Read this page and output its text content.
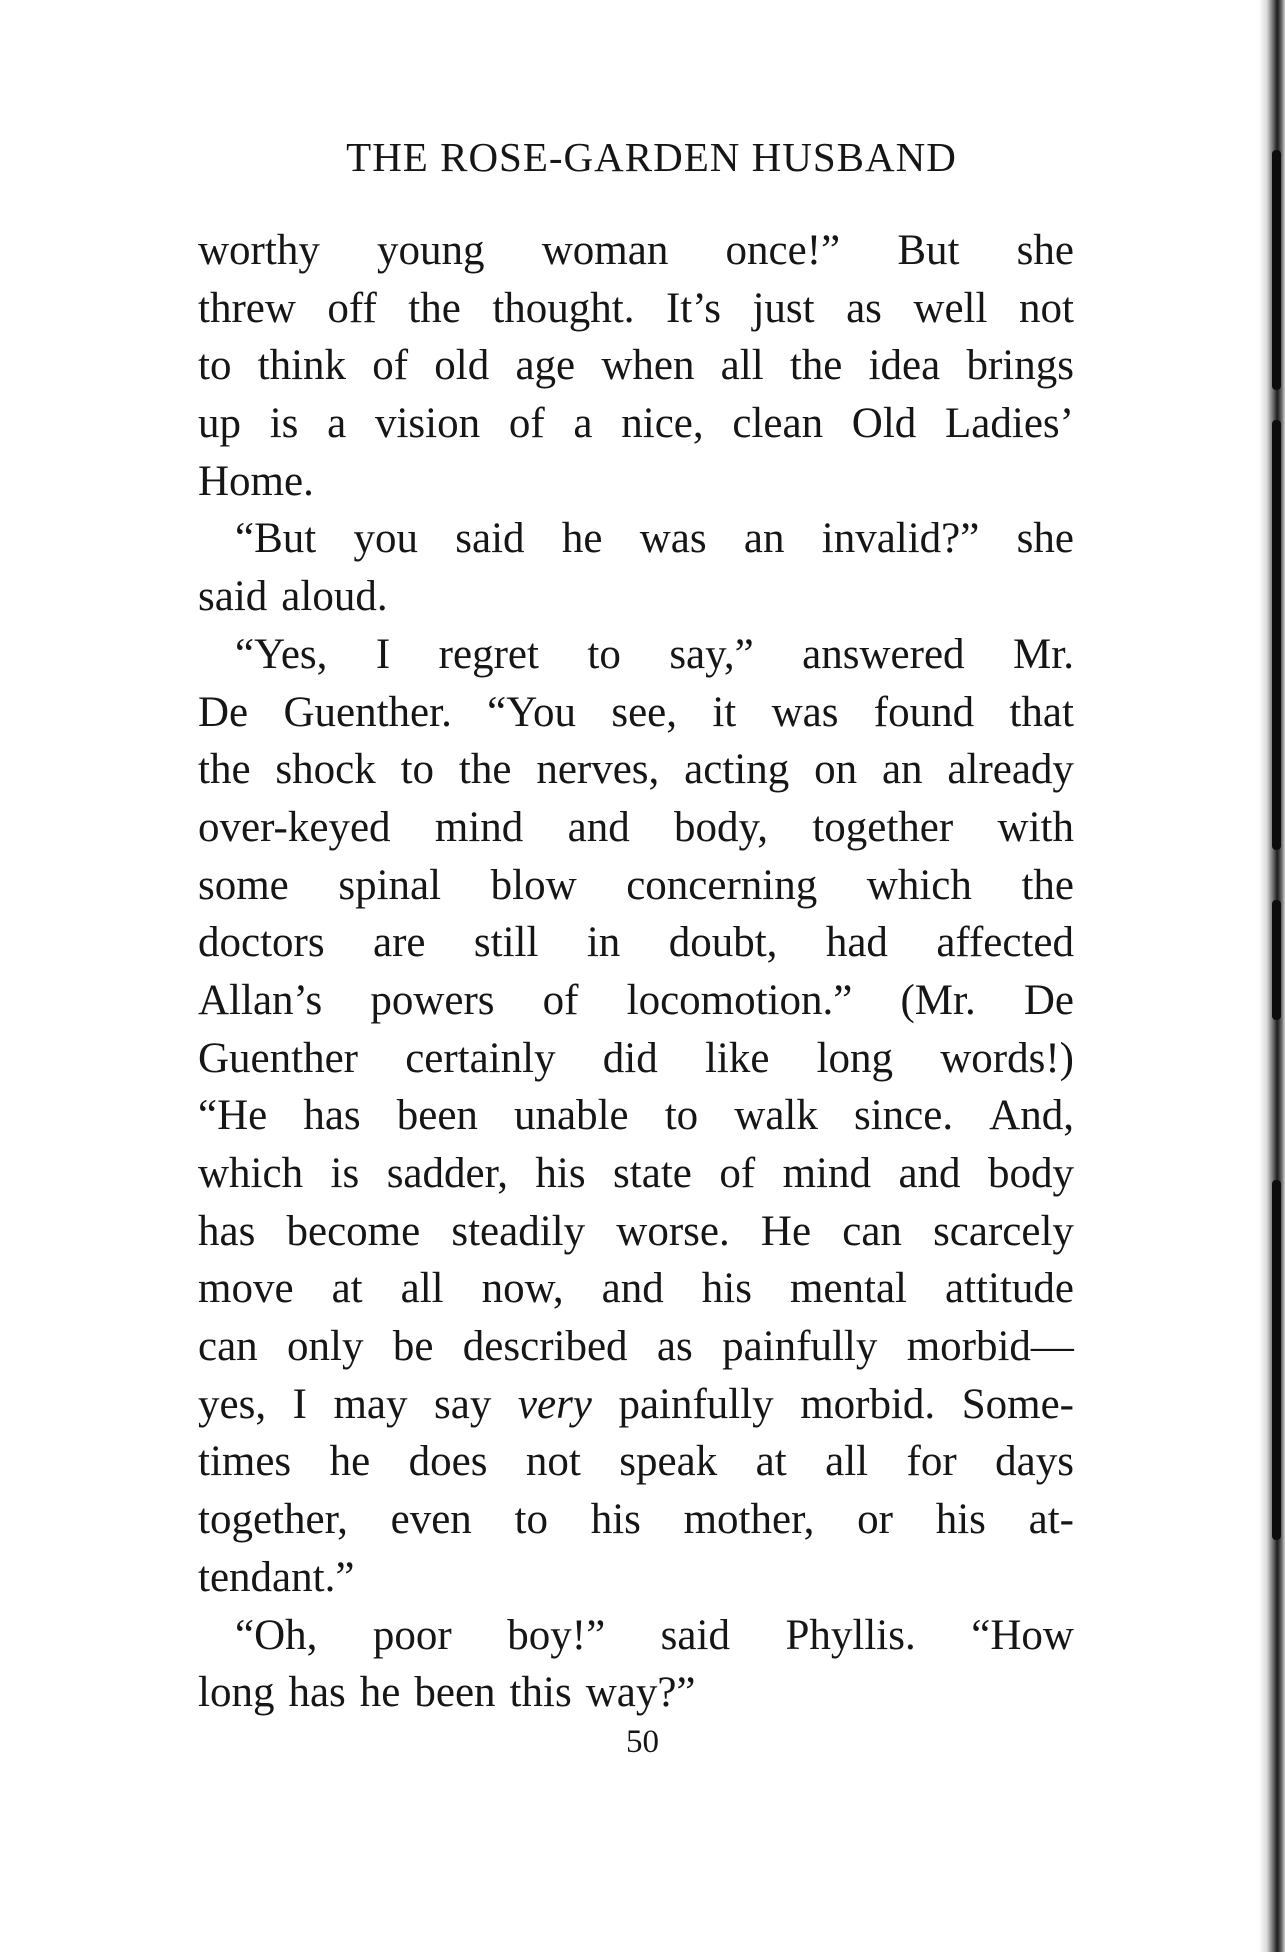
THE ROSE-GARDEN HUSBAND
worthy young woman once!” But she
threw off the thought. It’s just as well not
to think of old age when all the idea brings
up is a vision of a nice, clean Old Ladies’
Home.
“But you said he was an invalid?” she
said aloud.
“Yes, I regret to say,” answered Mr.
De Guenther. “You see, it was found that
the shock to the nerves, acting on an already
over-keyed mind and body, together with
some spinal blow concerning which the
doctors are still in doubt, had affected
Allan’s powers of locomotion.” (Mr. De
Guenther certainly did like long words!)
“He has been unable to walk since. And,
which is sadder, his state of mind and body
has become steadily worse. He can scarcely
move at all now, and his mental attitude
can only be described as painfully morbid—
yes, I may say very painfully morbid. Some-
times he does not speak at all for days
together, even to his mother, or his at-
tendant.”
“Oh, poor boy!” said Phyllis. “How
long has he been this way?”
50
